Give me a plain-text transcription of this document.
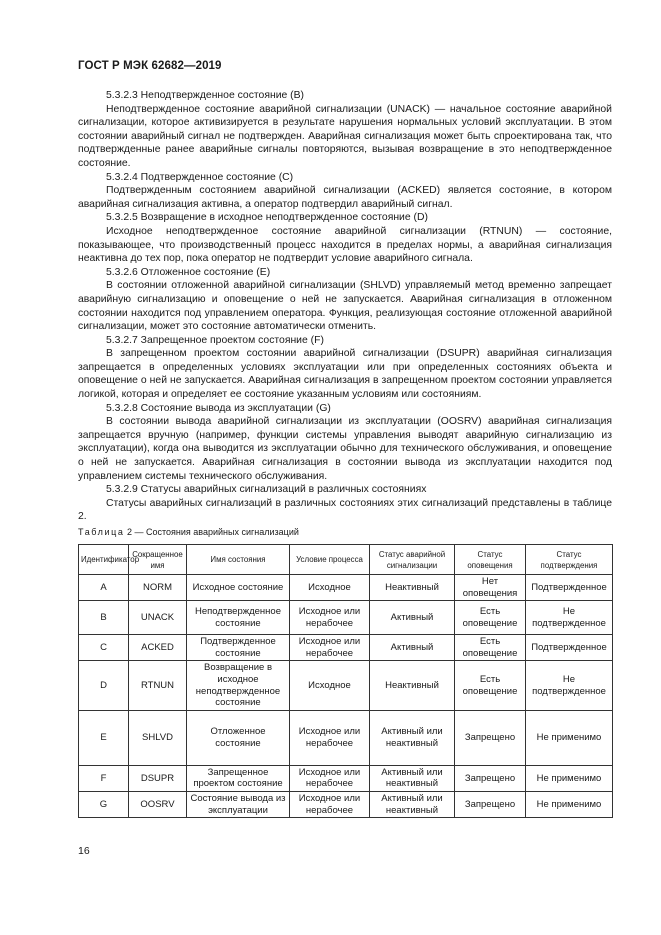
ГОСТ Р МЭК 62682—2019

5.3.2.3 Неподтвержденное состояние (B)

Неподтвержденное состояние аварийной сигнализации (UNACK) — начальное состояние аварийной сигнализации, которое активизируется в результате нарушения нормальных условий эксплуатации. В этом состоянии аварийный сигнал не подтвержден. Аварийная сигнализация может быть спроектирована так, что подтвержденные ранее аварийные сигналы повторяются, вызывая возвращение в это неподтвержденное состояние.

5.3.2.4 Подтвержденное состояние (C)

Подтвержденным состоянием аварийной сигнализации (ACKED) является состояние, в котором аварийная сигнализация активна, а оператор подтвердил аварийный сигнал.

5.3.2.5 Возвращение в исходное неподтвержденное состояние (D)

Исходное неподтвержденное состояние аварийной сигнализации (RTNUN) — состояние, показывающее, что производственный процесс находится в пределах нормы, а аварийная сигнализация неактивна до тех пор, пока оператор не подтвердит условие аварийного сигнала.

5.3.2.6 Отложенное состояние (E)

В состоянии отложенной аварийной сигнализации (SHLVD) управляемый метод временно запрещает аварийную сигнализацию и оповещение о ней не запускается. Аварийная сигнализация в отложенном состоянии находится под управлением оператора. Функция, реализующая состояние отложенной аварийной сигнализации, может это состояние автоматически отменить.

5.3.2.7 Запрещенное проектом состояние (F)

В запрещенном проектом состоянии аварийной сигнализации (DSUPR) аварийная сигнализация запрещается в определенных условиях эксплуатации или при определенных состояниях объекта и оповещение о ней не запускается. Аварийная сигнализация в запрещенном проектом состоянии управляется логикой, которая и определяет ее состояние указанным условиям или состояниям.

5.3.2.8 Состояние вывода из эксплуатации (G)

В состоянии вывода аварийной сигнализации из эксплуатации (OOSRV) аварийная сигнализация запрещается вручную (например, функции системы управления выводят аварийную сигнализацию из эксплуатации), когда она выводится из эксплуатации обычно для технического обслуживания, и оповещение о ней не запускается. Аварийная сигнализация в состоянии вывода из эксплуатации находится под управлением системы технического обслуживания.

5.3.2.9 Статусы аварийных сигнализаций в различных состояниях

Статусы аварийных сигнализаций в различных состояниях этих сигнализаций представлены в таблице 2.

Таблица 2 — Состояния аварийных сигнализаций
Идентификатор	Сокращенное имя	Имя состояния	Условие процесса	Статус аварийной сигнализации	Статус оповещения	Статус подтверждения
A	NORM	Исходное состояние	Исходное	Неактивный	Нет оповещения	Подтвержденное
B	UNACK	Неподтвержденное состояние	Исходное или нерабочее	Активный	Есть оповещение	Не подтвержденное
C	ACKED	Подтвержденное состояние	Исходное или нерабочее	Активный	Есть оповещение	Подтвержденное
D	RTNUN	Возвращение в исходное неподтвержденное состояние	Исходное	Неактивный	Есть оповещение	Не подтвержденное
E	SHLVD	Отложенное состояние	Исходное или нерабочее	Активный или неактивный	Запрещено	Не применимо
F	DSUPR	Запрещенное проектом состояние	Исходное или нерабочее	Активный или неактивный	Запрещено	Не применимо
G	OOSRV	Состояние вывода из эксплуатации	Исходное или нерабочее	Активный или неактивный	Запрещено	Не применимо
16
